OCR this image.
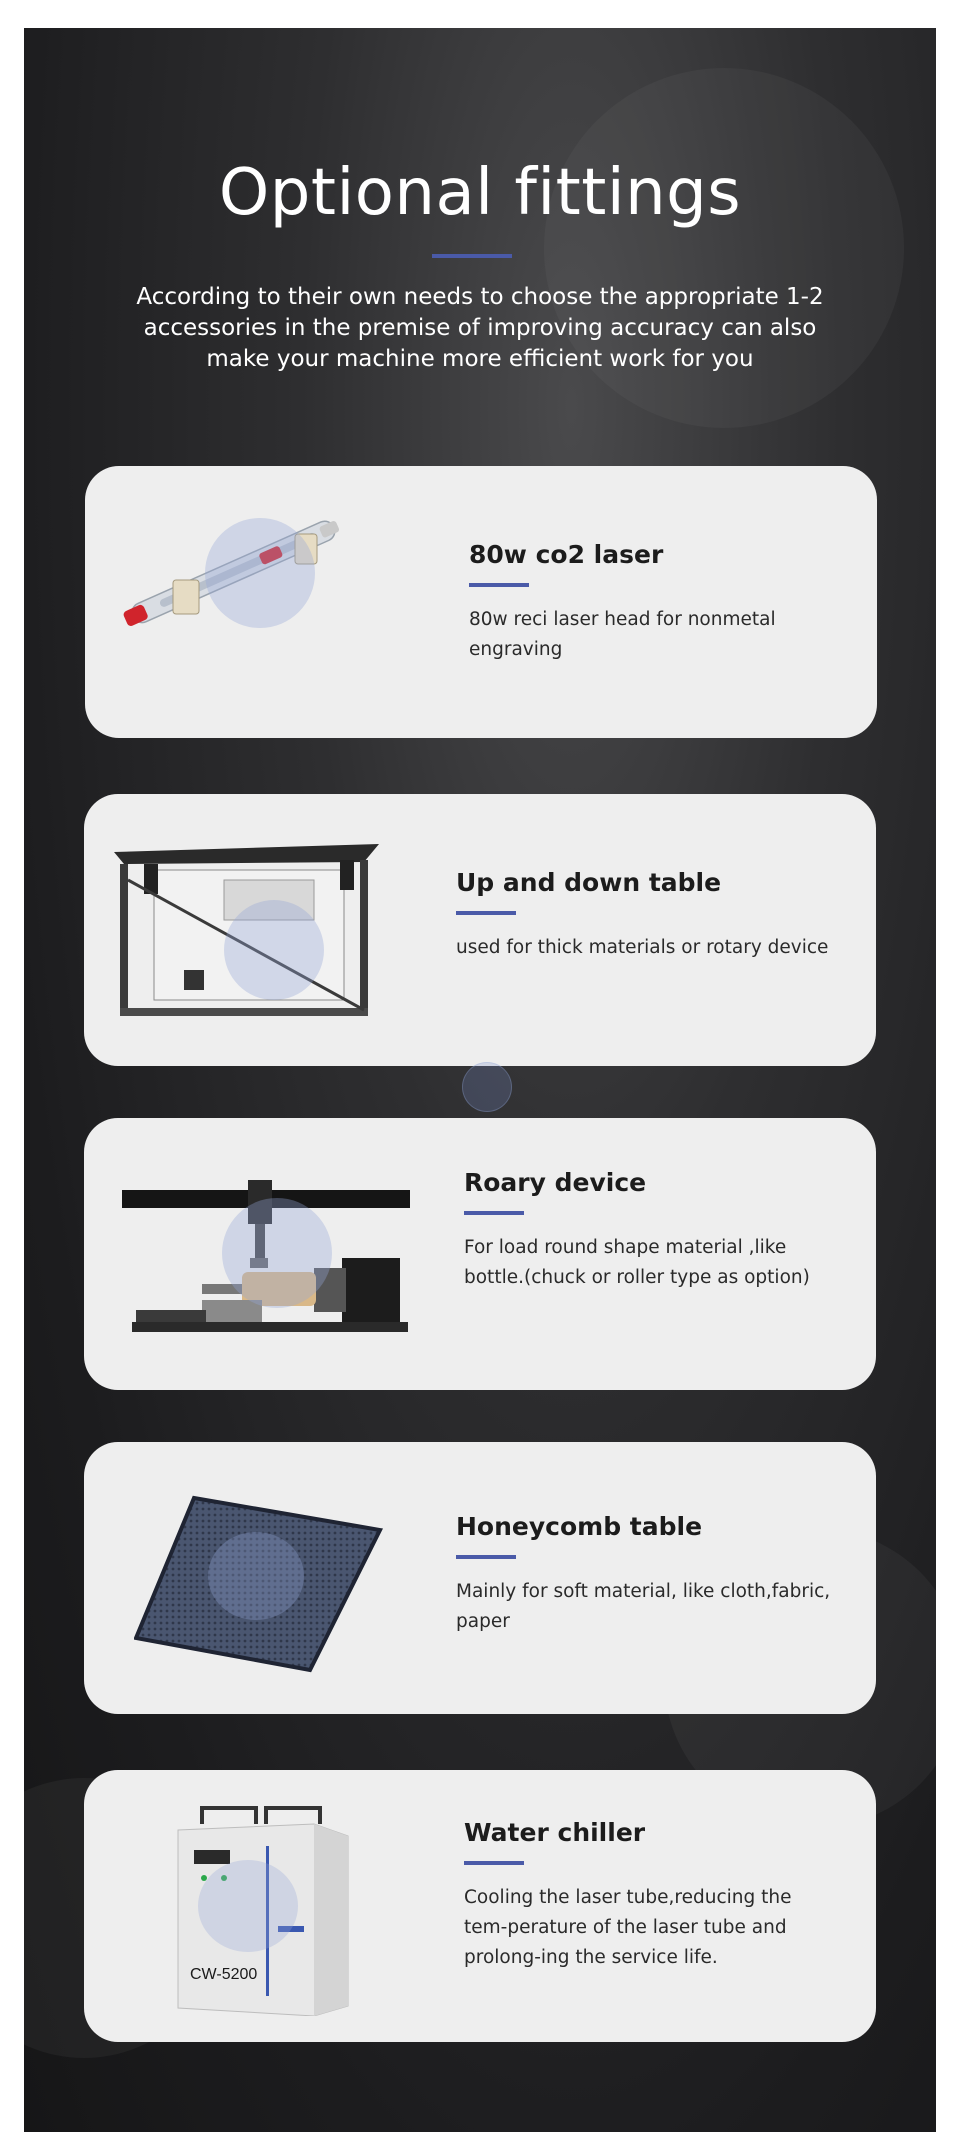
Optional fittings

According to their own needs to choose the appropriate 1-2 accessories in the premise of improving accuracy can also make your machine more efficient work for you

80w co2 laser

80w reci laser head for nonmetal engraving

Up and down table

used for thick materials or rotary device

Roary device

For load round shape material ,like bottle.(chuck or roller type as option)

Honeycomb table

Mainly for soft material, like cloth,fabric, paper

CW-5200
Water chiller

Cooling the laser tube,reducing the tem-perature of the laser tube and prolong-ing the service life.
